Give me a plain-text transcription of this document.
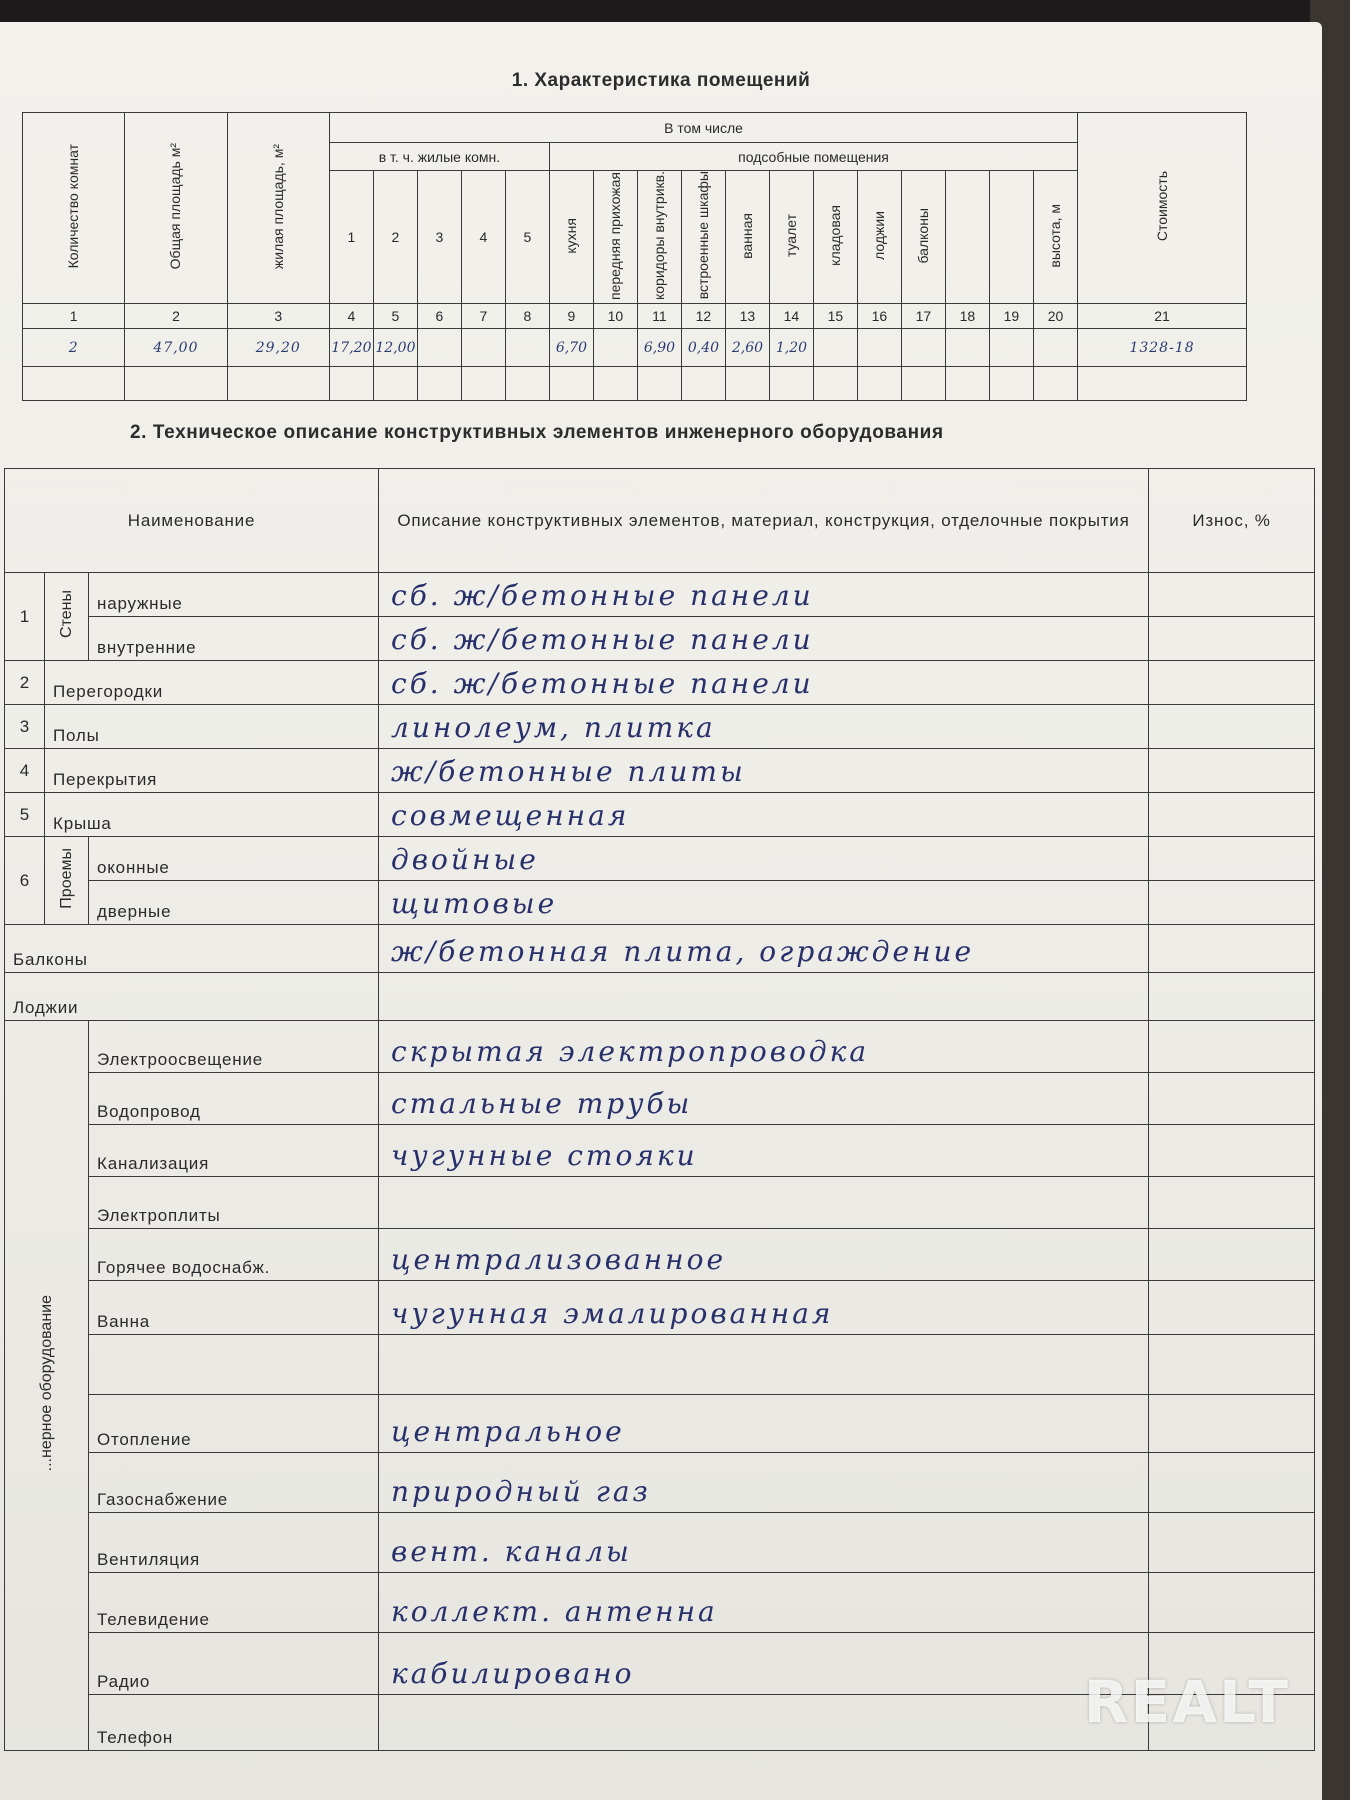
1. Характеристика помещений
Количество комнат	Общая площадь м²	жилая площадь, м²	В том числе																	Стоимость
			в т. ч. жилые комн.					подсобные помещения												
			1	2	3	4	5	кухня	передняя прихожая	коридоры внутрикв.	встроенные шкафы	ванная	туалет	кладовая	лоджии	балконы			высота, м	

1	2	3	4	5	6	7	8	9	10	11	12	13	14	15	16	17	18	19	20	21
2	47,00	29,20	17,20	12,00				6,70		6,90	0,40	2,60	1,20							1328-18

2. Техническое описание конструктивных элементов инженерного оборудования
Наименование			Описание конструктивных элементов, материал, конструкция, отделочные покрытия	Износ, %
1	Стены	наружные	сб. ж/бетонные панели	
		внутренние	сб. ж/бетонные панели	
2	Перегородки		сб. ж/бетонные панели	
3	Полы		линолеум, плитка	
4	Перекрытия		ж/бетонные плиты	
5	Крыша		совмещенная	
6	Проемы	оконные	двойные	
		дверные	щитовые	
Балконы			ж/бетонная плита, ограждение	
Лоджии				
...нерное оборудование		Электроосвещение	скрытая электропроводка	
		Водопровод	стальные трубы	
		Канализация	чугунные стояки	
		Электроплиты		
		Горячее водоснабж.	централизованное	
		Ванна	чугунная эмалированная	

		Отопление	центральное	
		Газоснабжение	природный газ	
		Вентиляция	вент. каналы	
		Телевидение	коллект. антенна	
		Радио	кабилировано	
		Телефон		
REALT
